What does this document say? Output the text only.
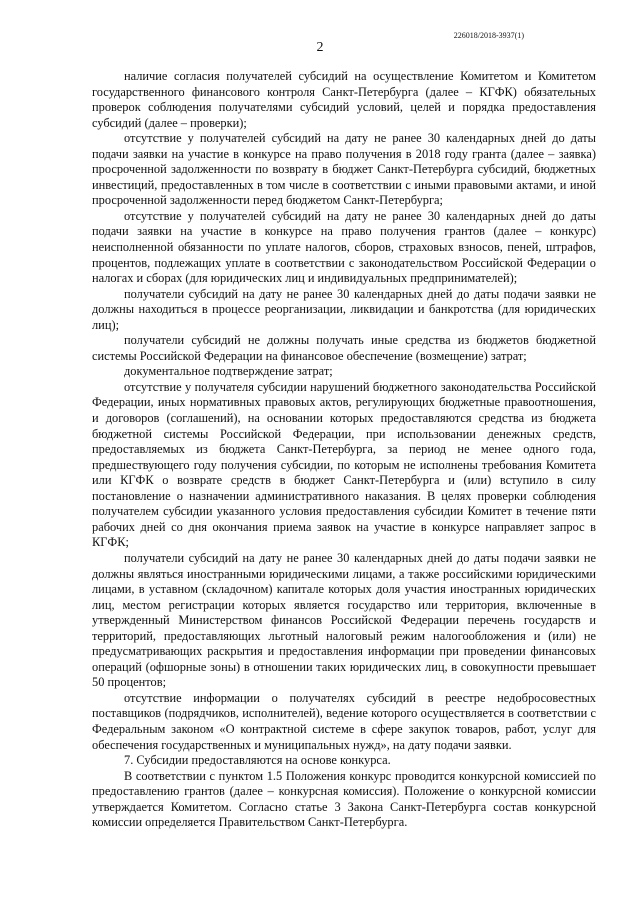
226018/2018-3937(1)
2

наличие согласия получателей субсидий на осуществление Комитетом и Комитетом государственного финансового контроля Санкт-Петербурга (далее – КГФК) обязательных проверок соблюдения получателями субсидий условий, целей и порядка предоставления субсидий (далее – проверки);

отсутствие у получателей субсидий на дату не ранее 30 календарных дней до даты подачи заявки на участие в конкурсе на право получения в 2018 году гранта (далее – заявка) просроченной задолженности по возврату в бюджет Санкт-Петербурга субсидий, бюджетных инвестиций, предоставленных в том числе в соответствии с иными правовыми актами, и иной просроченной задолженности перед бюджетом Санкт-Петербурга;

отсутствие у получателей субсидий на дату не ранее 30 календарных дней до даты подачи заявки на участие в конкурсе на право получения грантов (далее – конкурс) неисполненной обязанности по уплате налогов, сборов, страховых взносов, пеней, штрафов, процентов, подлежащих уплате в соответствии с законодательством Российской Федерации о налогах и сборах (для юридических лиц и индивидуальных предпринимателей);

получатели субсидий на дату не ранее 30 календарных дней до даты подачи заявки не должны находиться в процессе реорганизации, ликвидации и банкротства (для юридических лиц);

получатели субсидий не должны получать иные средства из бюджетов бюджетной системы Российской Федерации на финансовое обеспечение (возмещение) затрат;

документальное подтверждение затрат;

отсутствие у получателя субсидии нарушений бюджетного законодательства Российской Федерации, иных нормативных правовых актов, регулирующих бюджетные правоотношения, и договоров (соглашений), на основании которых предоставляются средства из бюджета бюджетной системы Российской Федерации, при использовании денежных средств, предоставляемых из бюджета Санкт-Петербурга, за период не менее одного года, предшествующего году получения субсидии, по которым не исполнены требования Комитета или КГФК о возврате средств в бюджет Санкт-Петербурга и (или) вступило в силу постановление о назначении административного наказания. В целях проверки соблюдения получателем субсидии указанного условия предоставления субсидии Комитет в течение пяти рабочих дней со дня окончания приема заявок на участие в конкурсе направляет запрос в КГФК;

получатели субсидий на дату не ранее 30 календарных дней до даты подачи заявки не должны являться иностранными юридическими лицами, а также российскими юридическими лицами, в уставном (складочном) капитале которых доля участия иностранных юридических лиц, местом регистрации которых является государство или территория, включенные в утвержденный Министерством финансов Российской Федерации перечень государств и территорий, предоставляющих льготный налоговый режим налогообложения и (или) не предусматривающих раскрытия и предоставления информации при проведении финансовых операций (офшорные зоны) в отношении таких юридических лиц, в совокупности превышает 50 процентов;

отсутствие информации о получателях субсидий в реестре недобросовестных поставщиков (подрядчиков, исполнителей), ведение которого осуществляется в соответствии с Федеральным законом «О контрактной системе в сфере закупок товаров, работ, услуг для обеспечения государственных и муниципальных нужд», на дату подачи заявки.

7. Субсидии предоставляются на основе конкурса.

В соответствии с пунктом 1.5 Положения конкурс проводится конкурсной комиссией по предоставлению грантов (далее – конкурсная комиссия). Положение о конкурсной комиссии утверждается Комитетом. Согласно статье 3 Закона Санкт-Петербурга состав конкурсной комиссии определяется Правительством Санкт-Петербурга.
